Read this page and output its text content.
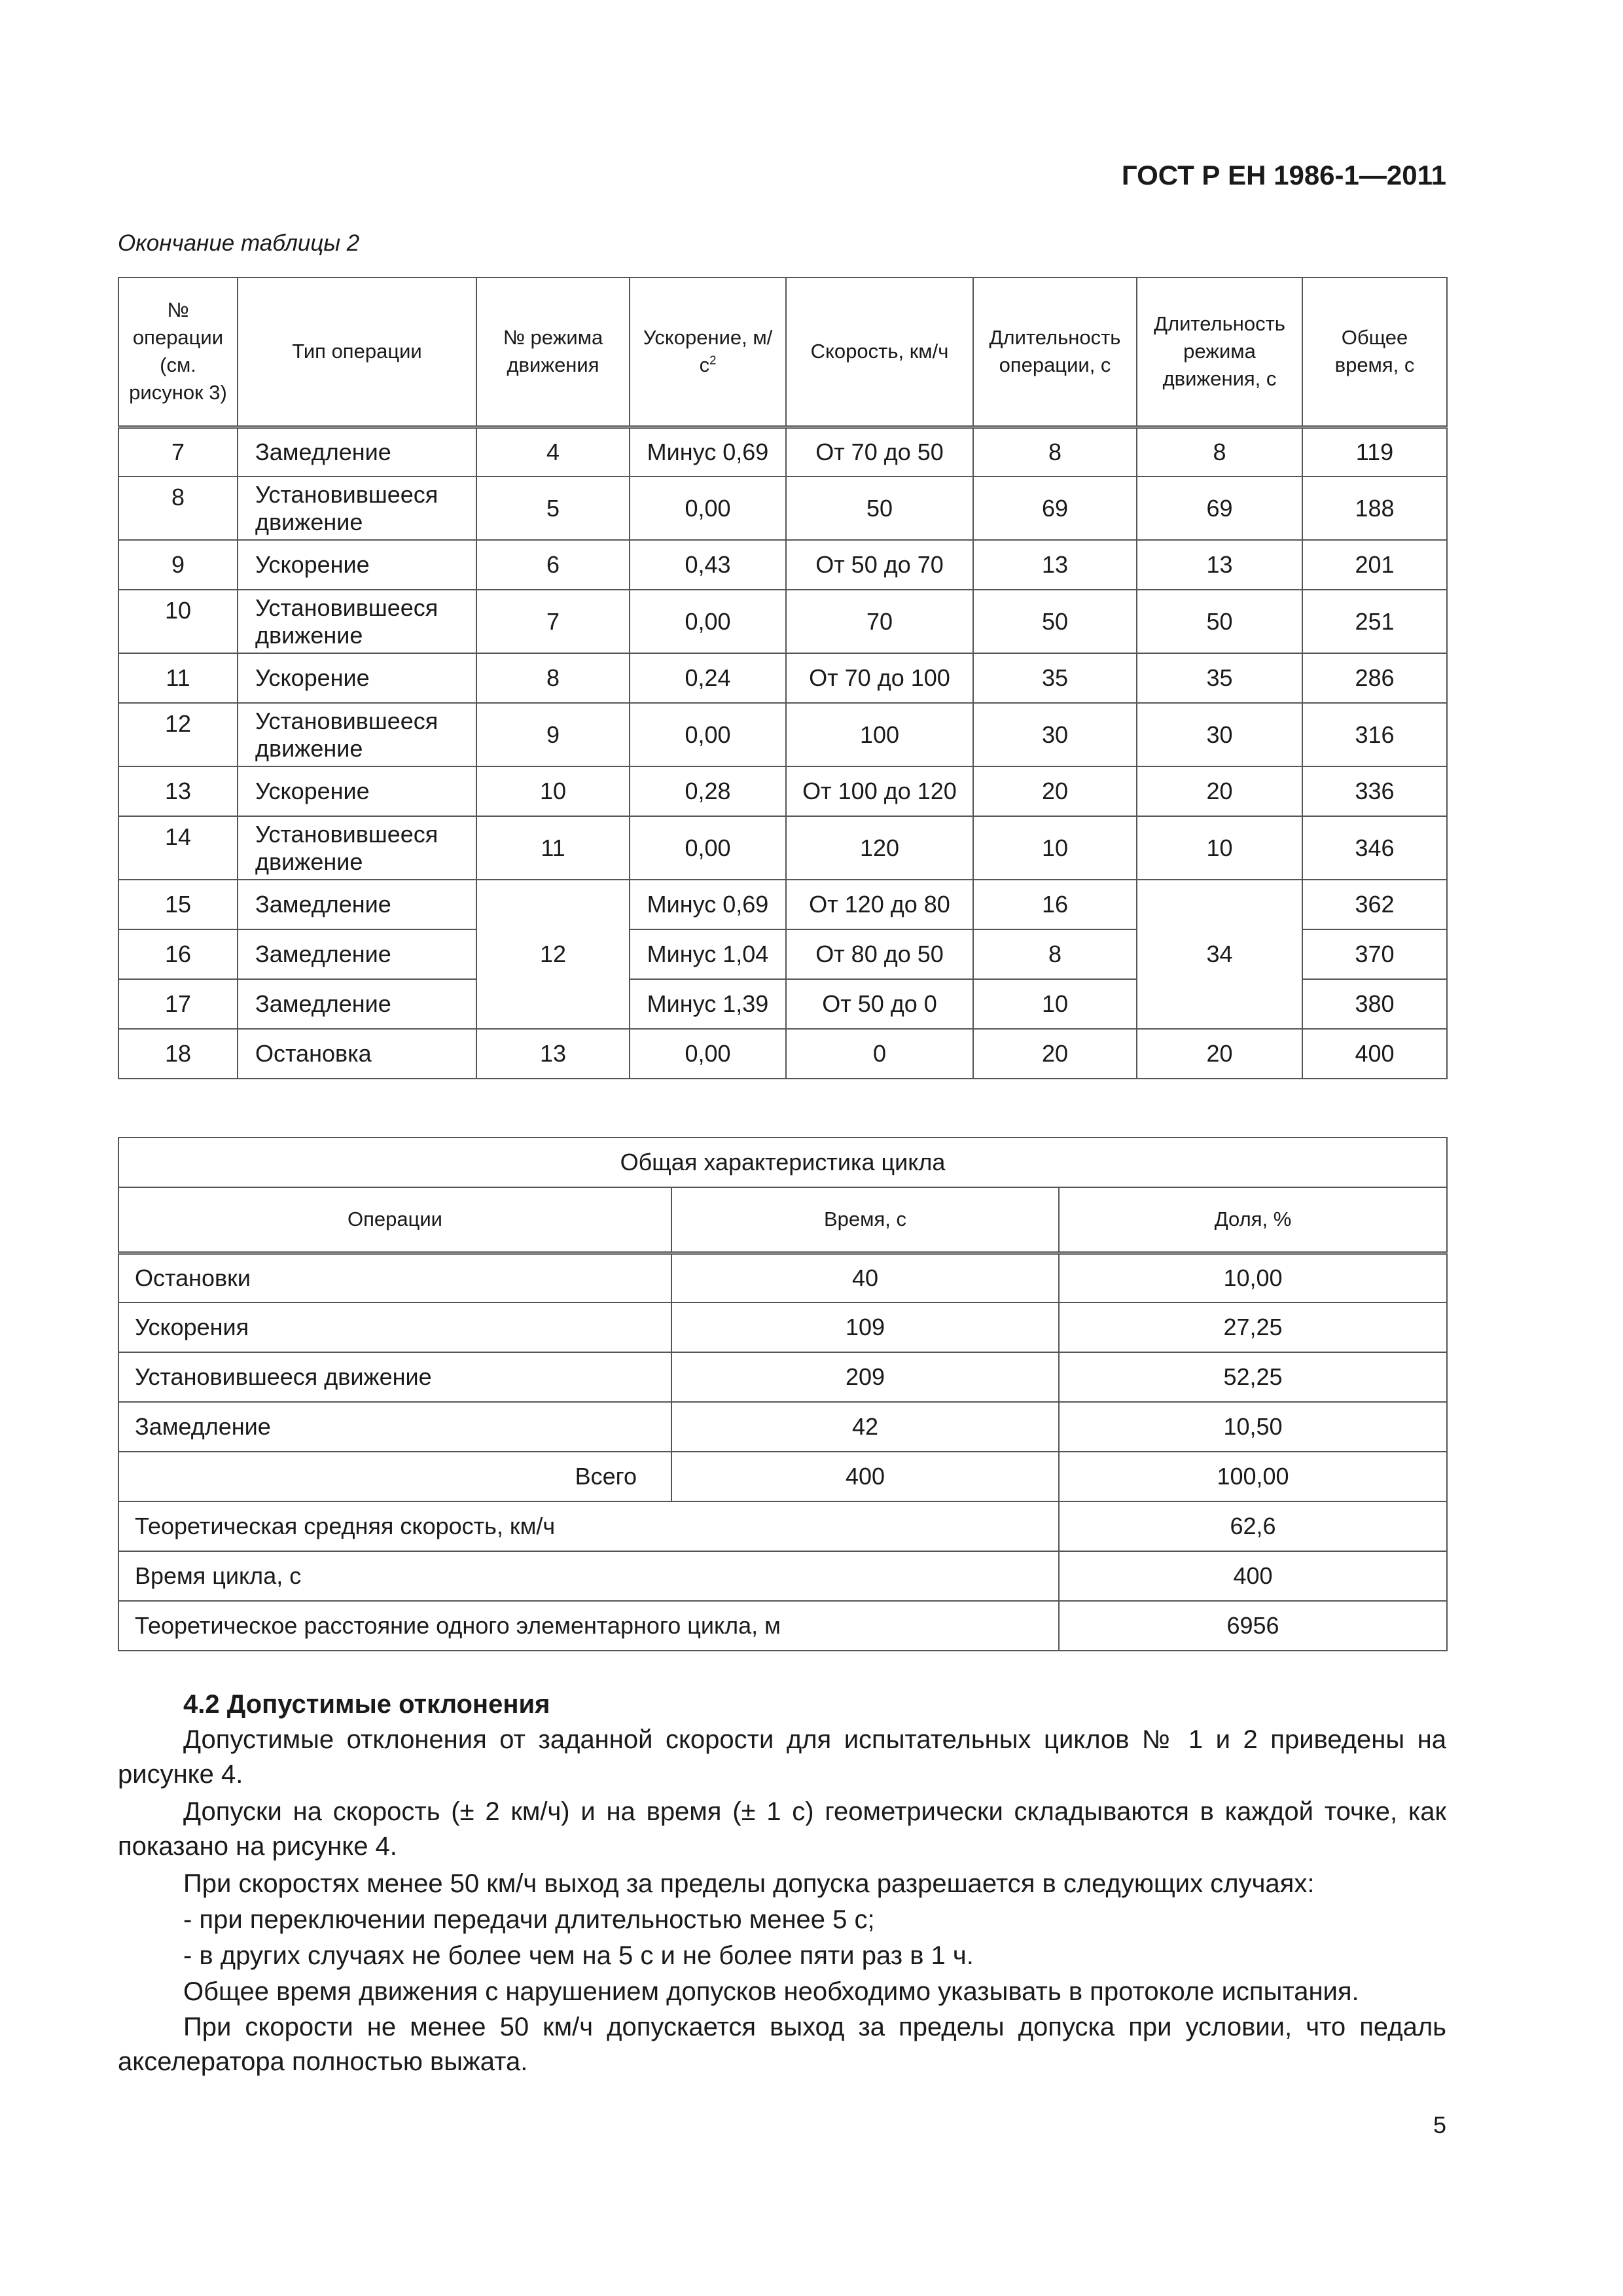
ГОСТ Р ЕН 1986-1—2011
Окончание таблицы 2
№ операции (см. рисунок 3)	Тип операции	№ режима движения	Ускорение, $м/с^2$	Скорость, км/ч	Длительность операции, с	Длительность режима движения, с	Общее время, с
7	Замедление	4	Минус 0,69	От 70 до 50	8	8	119
8	Установившееся движение	5	0,00	50	69	69	188
9	Ускорение	6	0,43	От 50 до 70	13	13	201
10	Установившееся движение	7	0,00	70	50	50	251
11	Ускорение	8	0,24	От 70 до 100	35	35	286
12	Установившееся движение	9	0,00	100	30	30	316
13	Ускорение	10	0,28	От 100 до 120	20	20	336
14	Установившееся движение	11	0,00	120	10	10	346
15	Замедление	12	Минус 0,69	От 120 до 80	16	34	362
16	Замедление		Минус 1,04	От 80 до 50	8		370
17	Замедление		Минус 1,39	От 50 до 0	10		380
18	Остановка	13	0,00	0	20	20	400
Общая характеристика цикла		
Операции	Время, с	Доля, %
Остановки	40	10,00
Ускорения	109	27,25
Установившееся движение	209	52,25
Замедление	42	10,50
Всего	400	100,00
Теоретическая средняя скорость, км/ч		62,6
Время цикла, с		400
Теоретическое расстояние одного элементарного цикла, м		6956
4.2 Допустимые отклонения
Допустимые отклонения от заданной скорости для испытательных циклов № 1 и 2 приведены на рисунке 4.
Допуски на скорость (± 2 км/ч) и на время (± 1 с) геометрически складываются в каждой точке, как показано на рисунке 4.
При скоростях менее 50 км/ч выход за пределы допуска разрешается в следующих случаях:
- при переключении передачи длительностью менее 5 с;
- в других случаях не более чем на 5 с и не более пяти раз в 1 ч.
Общее время движения с нарушением допусков необходимо указывать в протоколе испытания.
При скорости не менее 50 км/ч допускается выход за пределы допуска при условии, что педаль акселератора полностью выжата.
5
